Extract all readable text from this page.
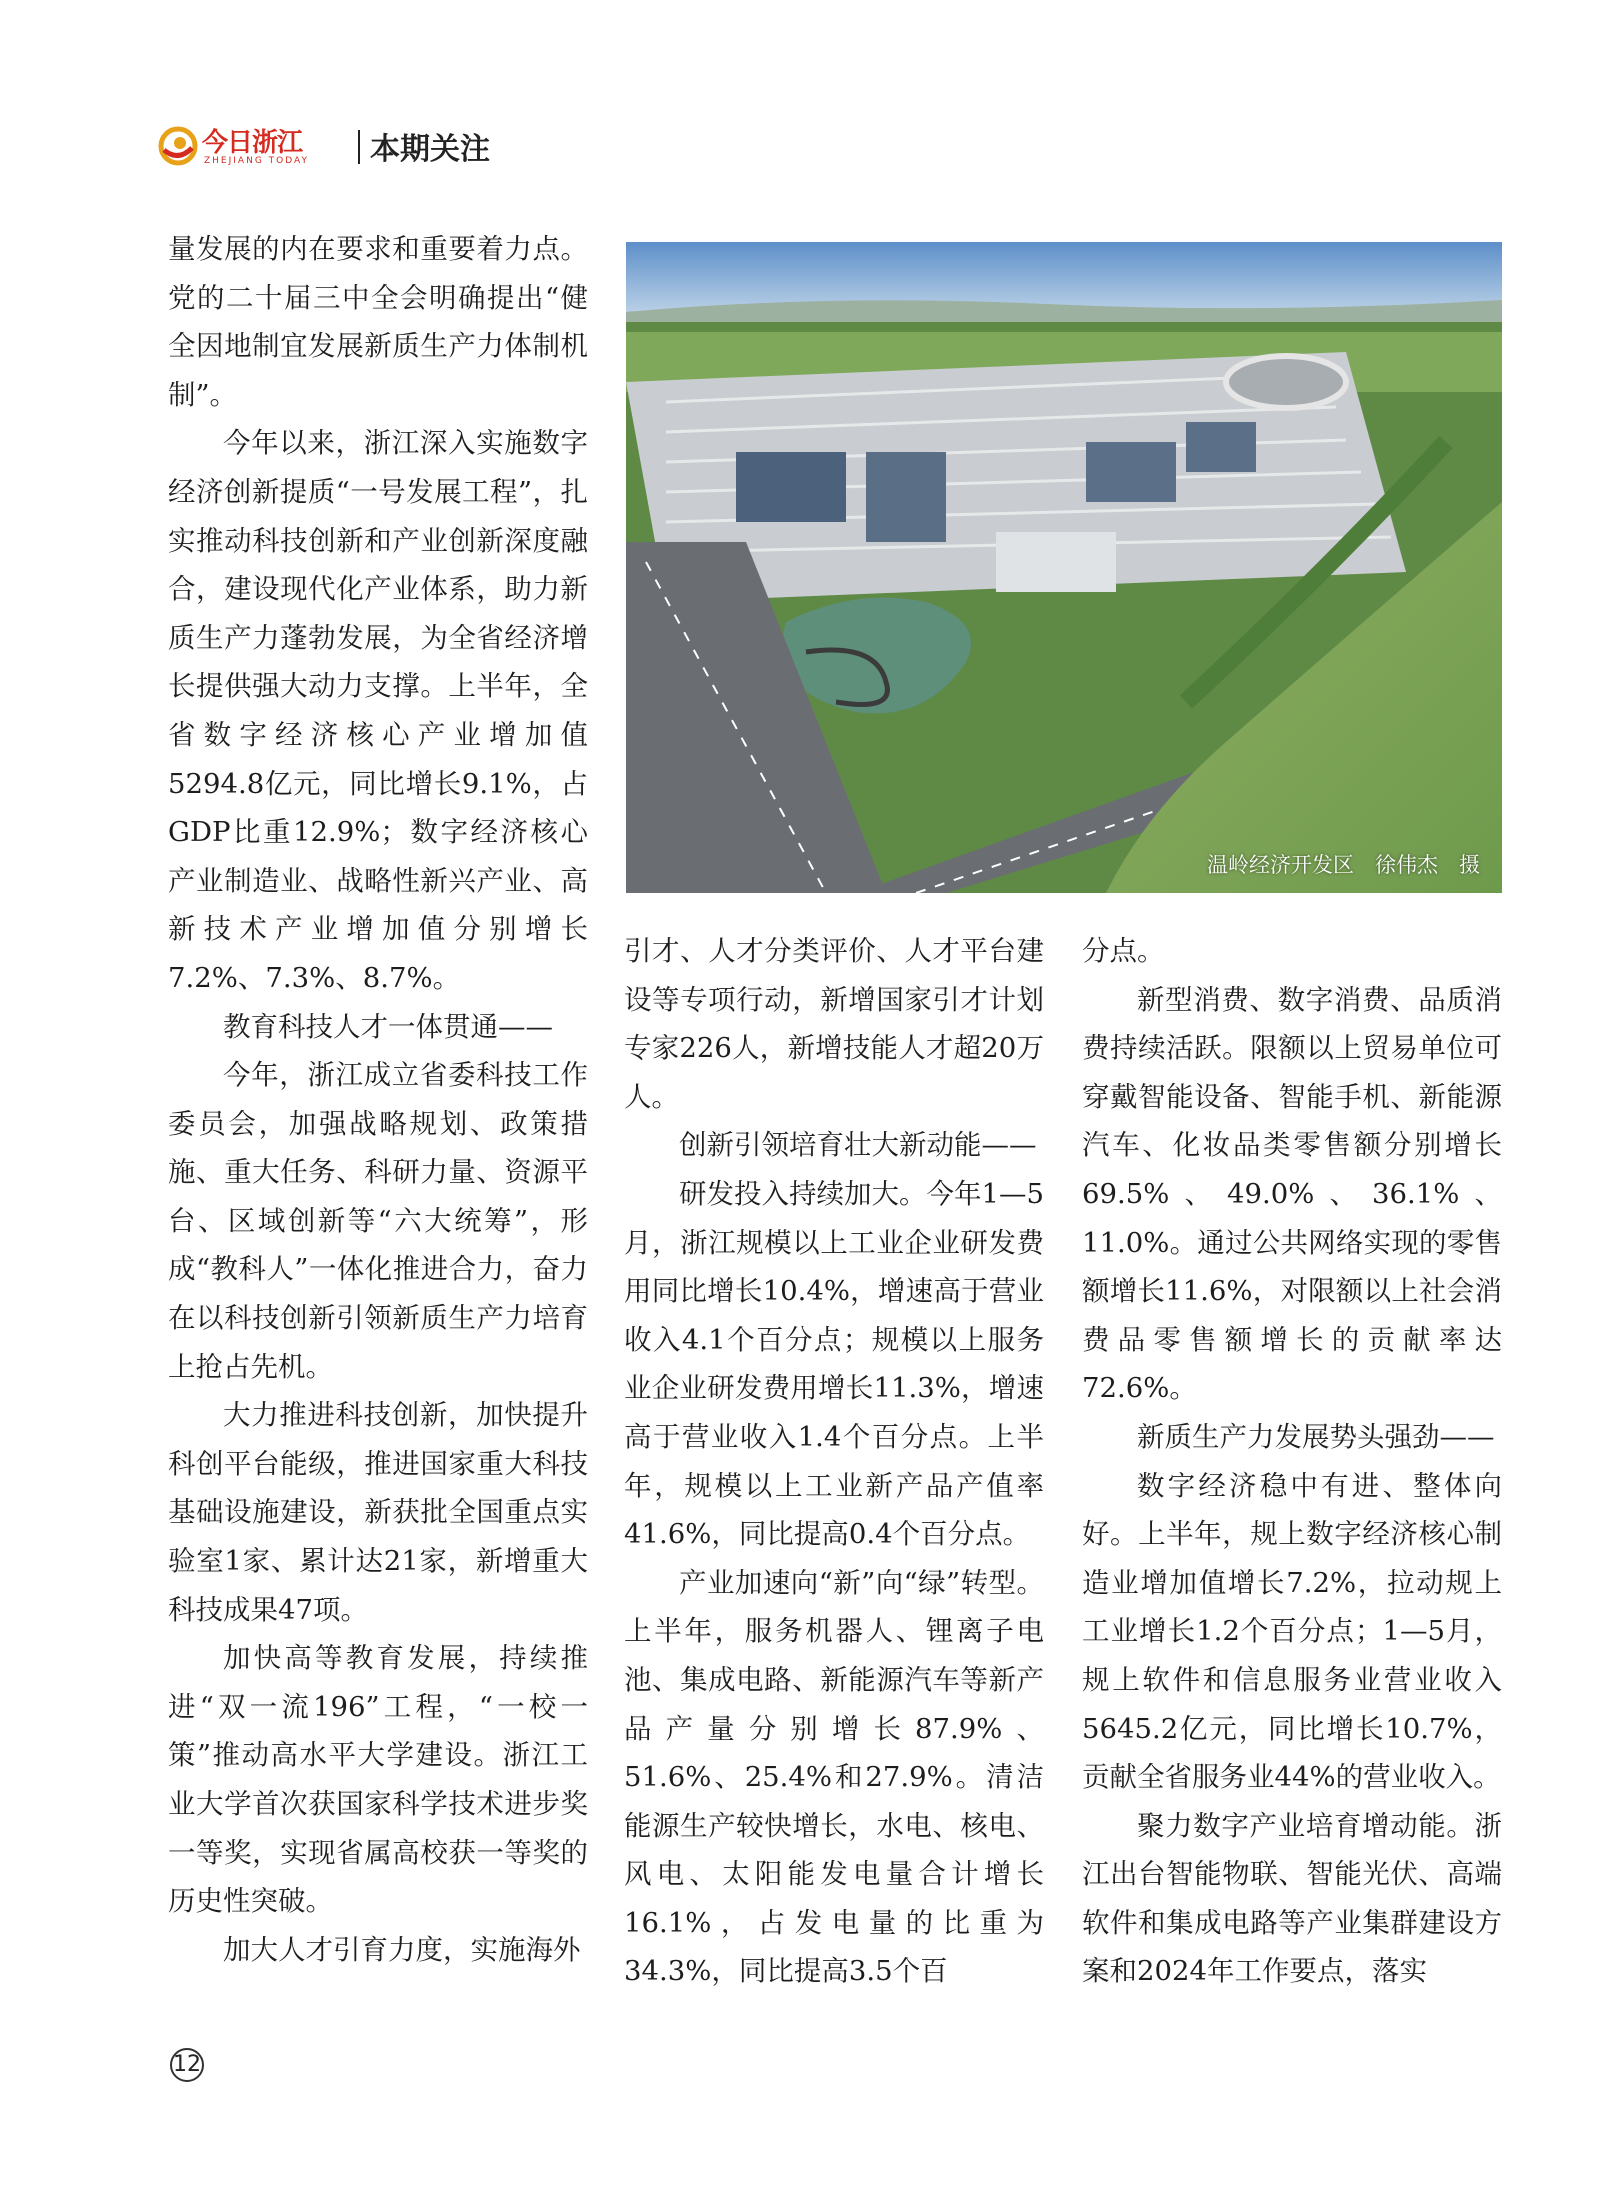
今日浙江
ZHEJIANG TODAY 本期关注

量发展的内在要求和重要着力点。党的二十届三中全会明确提出“健全因地制宜发展新质生产力体制机制”。

今年以来，浙江深入实施数字经济创新提质“一号发展工程”，扎实推动科技创新和产业创新深度融合，建设现代化产业体系，助力新质生产力蓬勃发展，为全省经济增长提供强大动力支撑。上半年，全省数字经济核心产业增加值5294.8亿元，同比增长9.1%，占GDP比重12.9%；数字经济核心产业制造业、战略性新兴产业、高新技术产业增加值分别增长7.2%、7.3%、8.7%。

教育科技人才一体贯通——

今年，浙江成立省委科技工作委员会，加强战略规划、政策措施、重大任务、科研力量、资源平台、区域创新等“六大统筹”，形成“教科人”一体化推进合力，奋力在以科技创新引领新质生产力培育上抢占先机。

大力推进科技创新，加快提升科创平台能级，推进国家重大科技基础设施建设，新获批全国重点实验室1家、累计达21家，新增重大科技成果47项。

加快高等教育发展，持续推进“双一流196”工程，“一校一策”推动高水平大学建设。浙江工业大学首次获国家科学技术进步奖一等奖，实现省属高校获一等奖的历史性突破。

加大人才引育力度，实施海外

温岭经济开发区　徐伟杰　摄

引才、人才分类评价、人才平台建设等专项行动，新增国家引才计划专家226人，新增技能人才超20万人。

创新引领培育壮大新动能——

研发投入持续加大。今年1—5月，浙江规模以上工业企业研发费用同比增长10.4%，增速高于营业收入4.1个百分点；规模以上服务业企业研发费用增长11.3%，增速高于营业收入1.4个百分点。上半年，规模以上工业新产品产值率41.6%，同比提高0.4个百分点。

产业加速向“新”向“绿”转型。上半年，服务机器人、锂离子电池、集成电路、新能源汽车等新产品产量分别增长87.9%、51.6%、25.4%和27.9%。清洁能源生产较快增长，水电、核电、风电、太阳能发电量合计增长16.1%，占发电量的比重为34.3%，同比提高3.5个百

分点。

新型消费、数字消费、品质消费持续活跃。限额以上贸易单位可穿戴智能设备、智能手机、新能源汽车、化妆品类零售额分别增长69.5%、49.0%、36.1%、11.0%。通过公共网络实现的零售额增长11.6%，对限额以上社会消费品零售额增长的贡献率达72.6%。

新质生产力发展势头强劲——

数字经济稳中有进、整体向好。上半年，规上数字经济核心制造业增加值增长7.2%，拉动规上工业增长1.2个百分点；1—5月，规上软件和信息服务业营业收入5645.2亿元，同比增长10.7%，贡献全省服务业44%的营业收入。

聚力数字产业培育增动能。浙江出台智能物联、智能光伏、高端软件和集成电路等产业集群建设方案和2024年工作要点，落实

12
